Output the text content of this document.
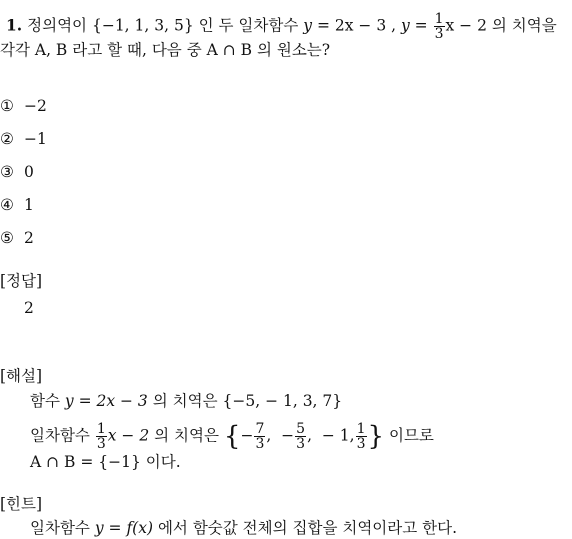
1. 정의역이 {−1, 1, 3, 5} 인 두 일차함수 y = 2x − 3 , $y = \frac{1}{3}$ x − 2 의 치역을
각각 A, B 라고 할 때, 다음 중 A ∩ B 의 원소는?
① −2
② −1
③ 0
④ 1
⑤ 2
[정답]
2
[해설]
함수 y = 2x − 3 의 치역은 {−5, − 1, 3, 7}
일차함수 $\frac{1}{3}$ x − 2 의 치역은 {− $\frac{7}{3}$ ,  − $\frac{5}{3}$ ,  − 1, $\frac{1}{3}$ } 이므로
A ∩ B = {−1} 이다.
[힌트]
일차함수 y = f(x) 에서 함숫값 전체의 집합을 치역이라고 한다.
